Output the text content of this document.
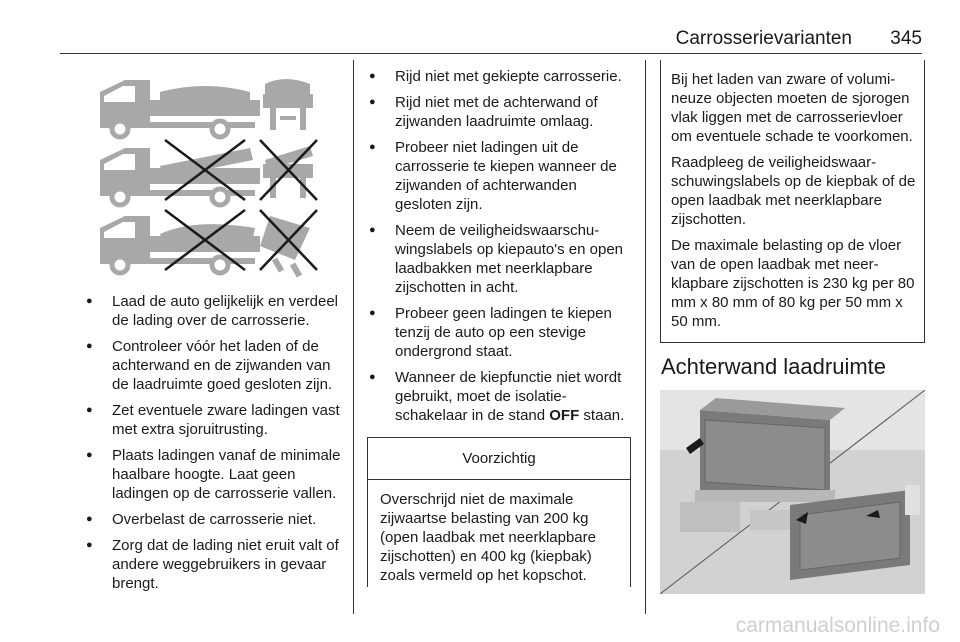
Carrosserievarianten 345
● Laad de auto gelijkelijk en verdeel de lading over de carrosserie.
● Controleer vóór het laden of de achterwand en de zijwanden van de laadruimte goed gesloten zijn.
● Zet eventuele zware ladingen vast met extra sjoruitrusting.
● Plaats ladingen vanaf de minimale haalbare hoogte. Laat geen ladingen op de carrosserie vallen.
● Overbelast de carrosserie niet.
● Zorg dat de lading niet eruit valt of andere weggebruikers in gevaar brengt.
● Rijd niet met gekiepte carrosserie.
● Rijd niet met de achterwand of zijwanden laadruimte omlaag.
● Probeer niet ladingen uit de carrosserie te kiepen wanneer de zijwanden of achterwanden gesloten zijn.
● Neem de veiligheidswaarschuwingslabels op kiepauto's en open laadbakken met neerklapbare zijschotten in acht.
● Probeer geen ladingen te kiepen tenzij de auto op een stevige ondergrond staat.
● Wanneer de kiepfunctie niet wordt gebruikt, moet de isolatieschakelaar in de stand OFF staan.
Voorzichtig
Overschrijd niet de maximale zijwaartse belasting van 200 kg (open laadbak met neerklapbare zijschotten) en 400 kg (kiepbak) zoals vermeld op het kopschot.

Bij het laden van zware of volumineuze objecten moeten de sjorogen vlak liggen met de carrosserievloer om eventuele schade te voorkomen.

Raadpleeg de veiligheidswaarschuwingslabels op de kiepbak of de open laadbak met neerklapbare zijschotten.

De maximale belasting op de vloer van de open laadbak met neerklapbare zijschotten is 230 kg per 80 mm x 80 mm of 80 kg per 50 mm x 50 mm.

Achterwand laadruimte
carmanualsonline.info
